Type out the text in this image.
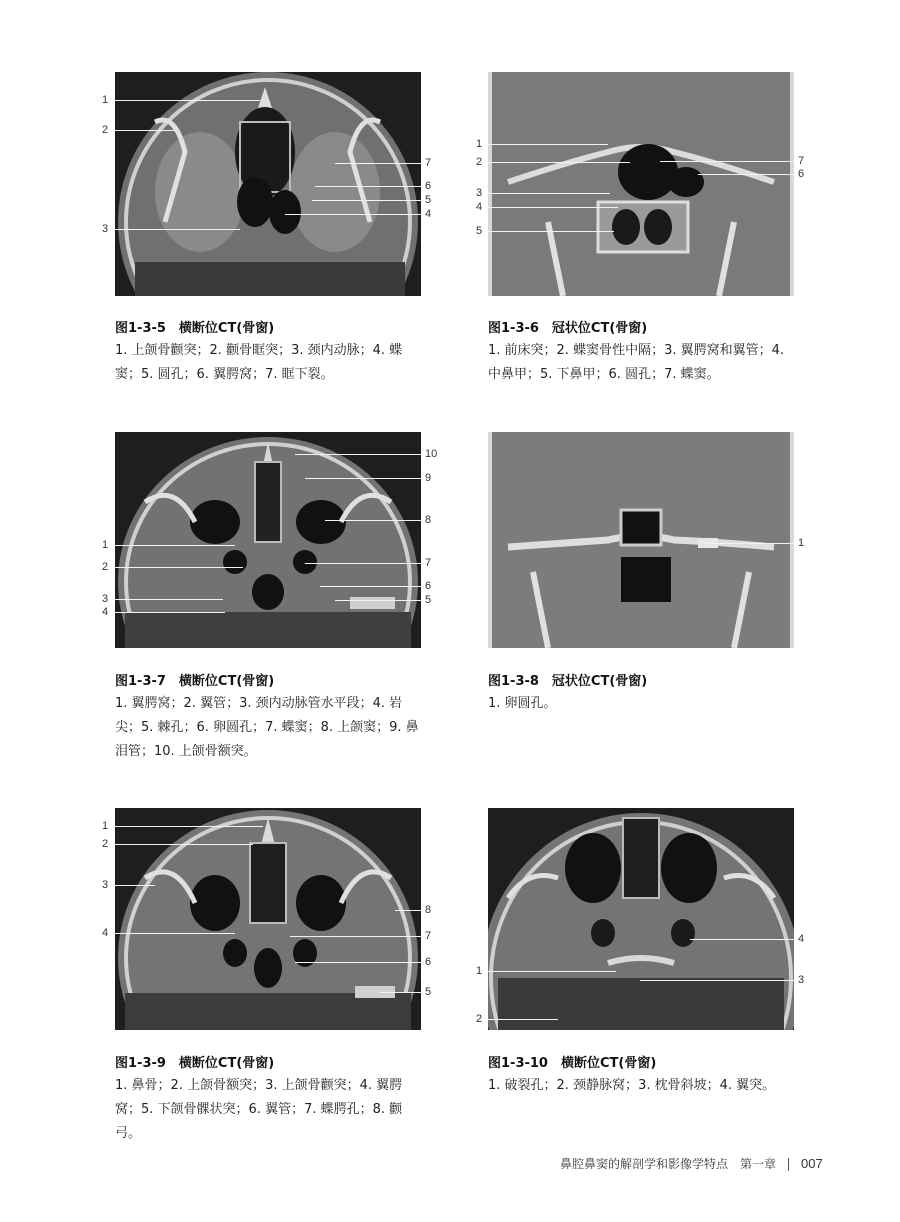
1
2
3
7
6
5
4
图1-3-5　横断位CT(骨窗)
1. 上颌骨颧突；2. 颧骨眶突；3. 颈内动脉；4. 蝶窦；5. 圆孔；6. 翼腭窝；7. 眶下裂。
1
2
3
4
5
7
6
图1-3-6　冠状位CT(骨窗)
1. 前床突；2. 蝶窦骨性中隔；3. 翼腭窝和翼管；4. 中鼻甲；5. 下鼻甲；6. 圆孔；7. 蝶窦。
1
2
3
4
10
9
8
7
6
5
图1-3-7　横断位CT(骨窗)
1. 翼腭窝；2. 翼管；3. 颈内动脉管水平段；4. 岩尖；5. 棘孔；6. 卵圆孔；7. 蝶窦；8. 上颌窦；9. 鼻泪管；10. 上颌骨额突。
1
图1-3-8　冠状位CT(骨窗)
1. 卵圆孔。
1
2
3
4
8
7
6
5
图1-3-9　横断位CT(骨窗)
1. 鼻骨；2. 上颌骨额突；3. 上颌骨颧突；4. 翼腭窝；5. 下颌骨髁状突；6. 翼管；7. 蝶腭孔；8. 颧弓。
1
2
4
3
图1-3-10　横断位CT(骨窗)
1. 破裂孔；2. 颈静脉窝；3. 枕骨斜坡；4. 翼突。
鼻腔鼻窦的解剖学和影像学特点　第一章 007
